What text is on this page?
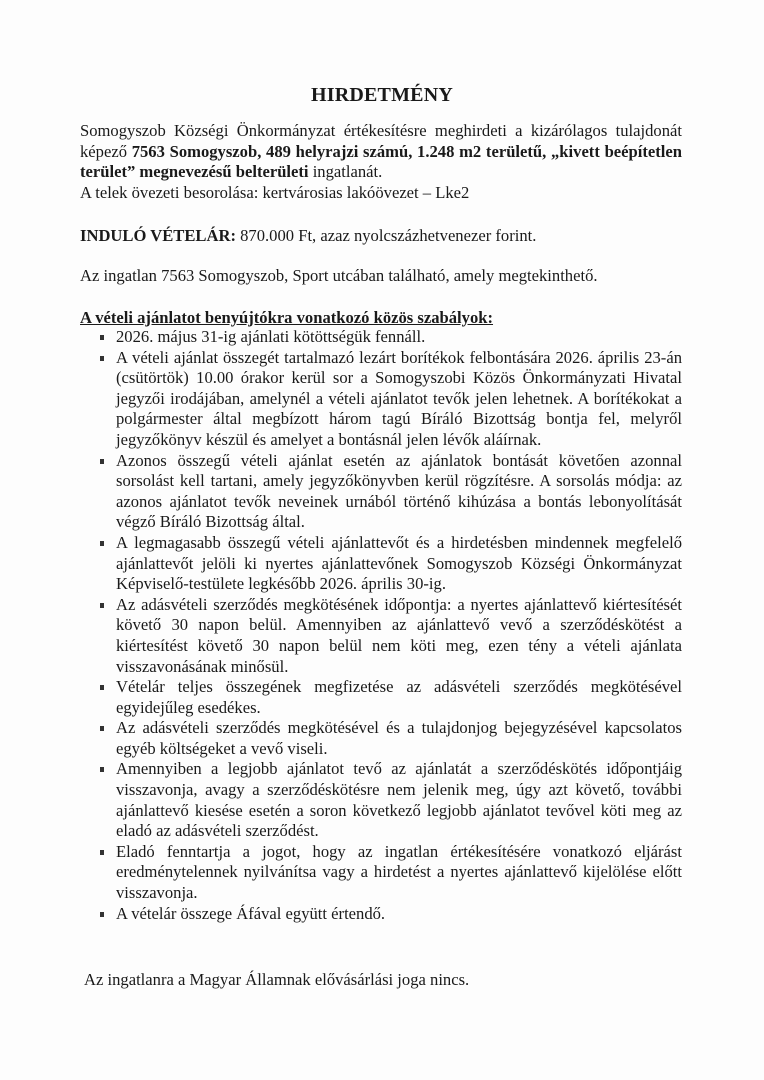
HIRDETMÉNY
Somogyszob Községi Önkormányzat értékesítésre meghirdeti a kizárólagos tulajdonát képező 7563 Somogyszob, 489 helyrajzi számú, 1.248 m2 területű, „kivett beépítetlen terület” megnevezésű belterületi ingatlanát.
A telek övezeti besorolása: kertvárosias lakóövezet – Lke2
INDULÓ VÉTELÁR: 870.000 Ft, azaz nyolcszázhetvenezer forint.
Az ingatlan 7563 Somogyszob, Sport utcában található, amely megtekinthető.
A vételi ajánlatot benyújtókra vonatkozó közös szabályok:
2026. május 31-ig ajánlati kötöttségük fennáll.
A vételi ajánlat összegét tartalmazó lezárt borítékok felbontására 2026. április 23-án (csütörtök) 10.00 órakor kerül sor a Somogyszobi Közös Önkormányzati Hivatal jegyzői irodájában, amelynél a vételi ajánlatot tevők jelen lehetnek. A borítékokat a polgármester által megbízott három tagú Bíráló Bizottság bontja fel, melyről jegyzőkönyv készül és amelyet a bontásnál jelen lévők aláírnak.
Azonos összegű vételi ajánlat esetén az ajánlatok bontását követően azonnal sorsolást kell tartani, amely jegyzőkönyvben kerül rögzítésre. A sorsolás módja: az azonos ajánlatot tevők neveinek urnából történő kihúzása a bontás lebonyolítását végző Bíráló Bizottság által.
A legmagasabb összegű vételi ajánlattevőt és a hirdetésben mindennek megfelelő ajánlattevőt jelöli ki nyertes ajánlattevőnek Somogyszob Községi Önkormányzat Képviselő-testülete legkésőbb 2026. április 30-ig.
Az adásvételi szerződés megkötésének időpontja: a nyertes ajánlattevő kiértesítését követő 30 napon belül. Amennyiben az ajánlattevő vevő a szerződéskötést a kiértesítést követő 30 napon belül nem köti meg, ezen tény a vételi ajánlata visszavonásának minősül.
Vételár teljes összegének megfizetése az adásvételi szerződés megkötésével egyidejűleg esedékes.
Az adásvételi szerződés megkötésével és a tulajdonjog bejegyzésével kapcsolatos egyéb költségeket a vevő viseli.
Amennyiben a legjobb ajánlatot tevő az ajánlatát a szerződéskötés időpontjáig visszavonja, avagy a szerződéskötésre nem jelenik meg, úgy azt követő, további ajánlattevő kiesése esetén a soron következő legjobb ajánlatot tevővel köti meg az eladó az adásvételi szerződést.
Eladó fenntartja a jogot, hogy az ingatlan értékesítésére vonatkozó eljárást eredménytelennek nyilvánítsa vagy a hirdetést a nyertes ajánlattevő kijelölése előtt visszavonja.
A vételár összege Áfával együtt értendő.
Az ingatlanra a Magyar Államnak elővásárlási joga nincs.
